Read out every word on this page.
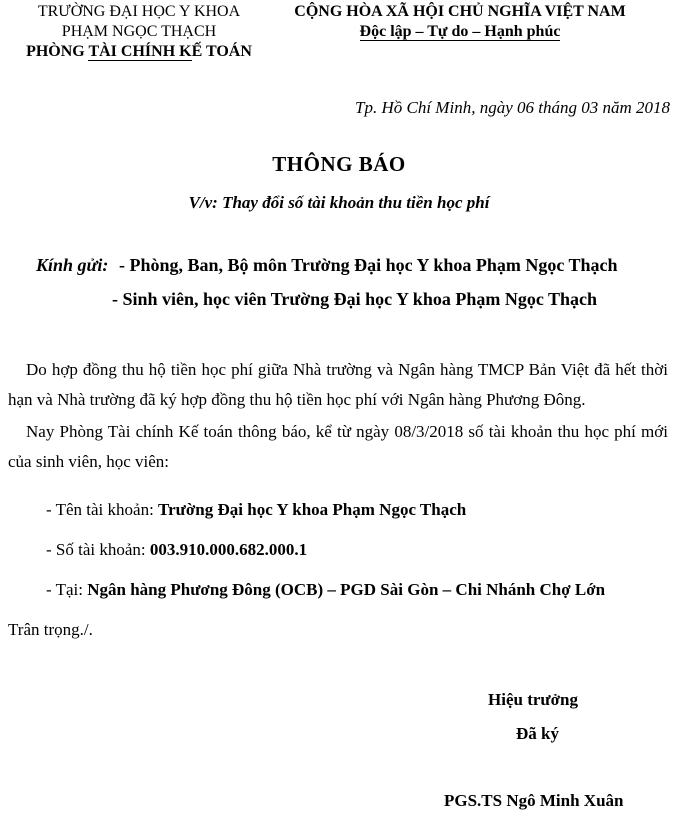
TRƯỜNG ĐẠI HỌC Y KHOA
PHẠM NGỌC THẠCH
PHÒNG TÀI CHÍNH KẾ TOÁN
CỘNG HÒA XÃ HỘI CHỦ NGHĨA VIỆT NAM
Độc lập – Tự do – Hạnh phúc
Tp. Hồ Chí Minh, ngày 06 tháng 03 năm 2018
THÔNG BÁO
V/v: Thay đổi số tài khoản thu tiền học phí
Kính gửi: - Phòng, Ban, Bộ môn Trường Đại học Y khoa Phạm Ngọc Thạch
- Sinh viên, học viên Trường Đại học Y khoa Phạm Ngọc Thạch
Do hợp đồng thu hộ tiền học phí giữa Nhà trường và Ngân hàng TMCP Bản Việt đã hết thời hạn và Nhà trường đã ký hợp đồng thu hộ tiền học phí với Ngân hàng Phương Đông.
Nay Phòng Tài chính Kế toán thông báo, kể từ ngày 08/3/2018 số tài khoản thu học phí mới của sinh viên, học viên:
- Tên tài khoản: Trường Đại học Y khoa Phạm Ngọc Thạch
- Số tài khoản: 003.910.000.682.000.1
- Tại: Ngân hàng Phương Đông (OCB) – PGD Sài Gòn – Chi Nhánh Chợ Lớn
Trân trọng./.
Hiệu trưởng
Đã ký
PGS.TS Ngô Minh Xuân
